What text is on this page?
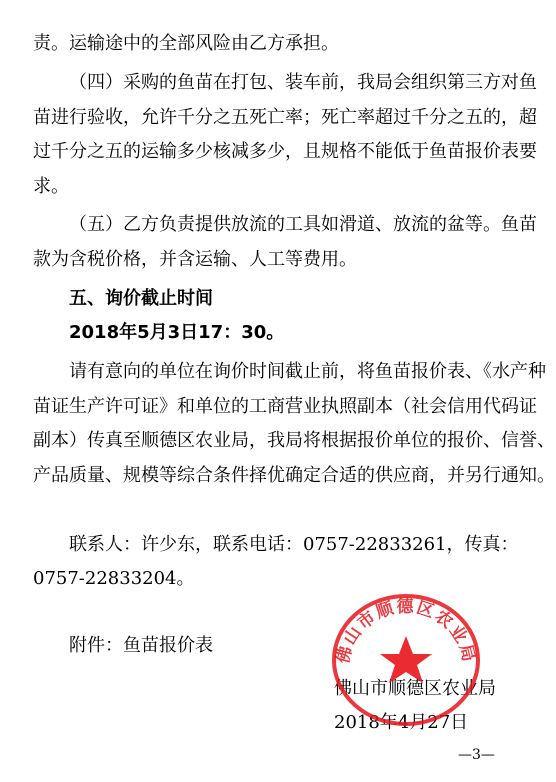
责。运输途中的全部风险由乙方承担。
（四）采购的鱼苗在打包、装车前，我局会组织第三方对鱼
苗进行验收，允许千分之五死亡率；死亡率超过千分之五的，超
过千分之五的运输多少核减多少，且规格不能低于鱼苗报价表要
求。
（五）乙方负责提供放流的工具如滑道、放流的盆等。鱼苗
款为含税价格，并含运输、人工等费用。
五、询价截止时间
2018年5月3日17：30。
请有意向的单位在询价时间截止前，将鱼苗报价表、《水产种
苗证生产许可证》和单位的工商营业执照副本（社会信用代码证
副本）传真至顺德区农业局，我局将根据报价单位的报价、信誉、
产品质量、规模等综合条件择优确定合适的供应商，并另行通知。
联系人：许少东，联系电话：0757-22833261，传真：
0757-22833204。
附件：鱼苗报价表
佛山市顺德区农业局
2018年4月27日
佛山市顺德区农业局
—3—
